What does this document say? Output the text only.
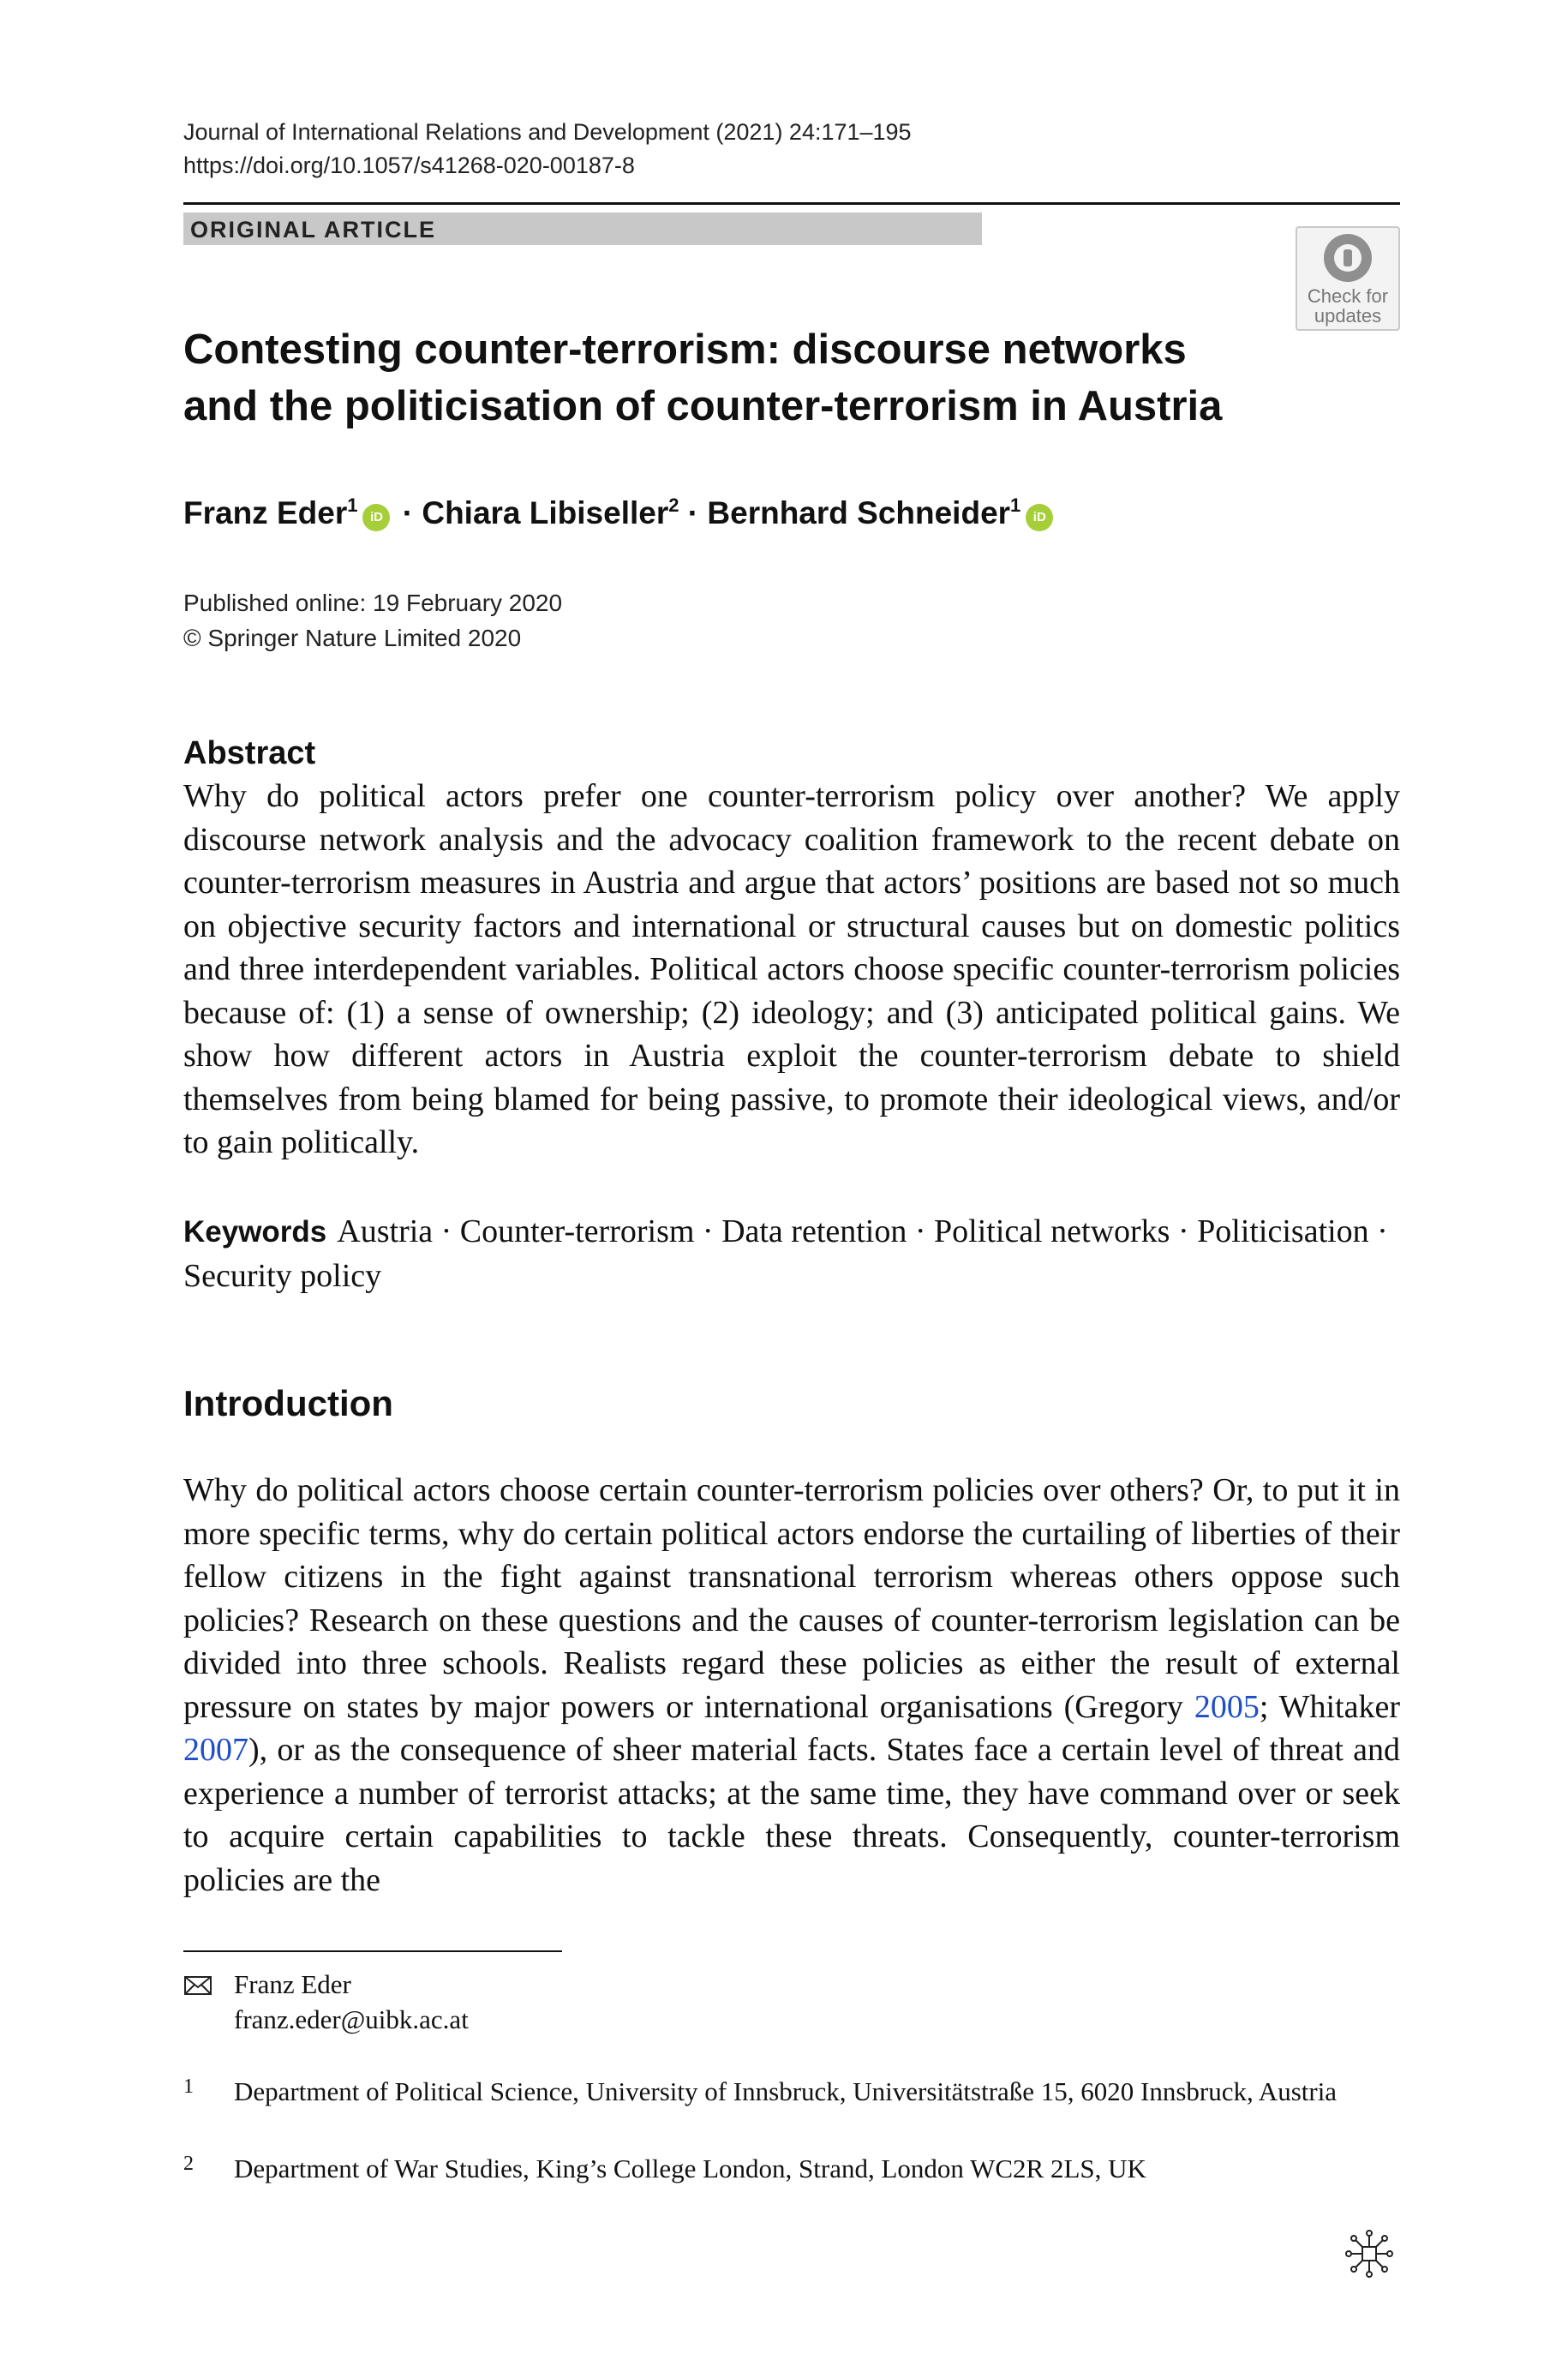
Journal of International Relations and Development (2021) 24:171–195
https://doi.org/10.1057/s41268-020-00187-8
ORIGINAL ARTICLE
Check for
updates
Contesting counter-terrorism: discourse networks
and the politicisation of counter-terrorism in Austria
Franz Eder$^1$iD · Chiara Libiseller$^2$ · Bernhard Schneider$^1$iD
Published online: 19 February 2020
© Springer Nature Limited 2020
Abstract
Why do political actors prefer one counter-terrorism policy over another? We apply discourse network analysis and the advocacy coalition framework to the recent debate on counter-terrorism measures in Austria and argue that actors’ positions are based not so much on objective security factors and international or structural causes but on domestic politics and three interdependent variables. Political actors choose specific counter-terrorism policies because of: (1) a sense of ownership; (2) ideology; and (3) anticipated political gains. We show how different actors in Austria exploit the counter-terrorism debate to shield themselves from being blamed for being passive, to promote their ideological views, and/or to gain politically.
Keywords Austria · Counter-terrorism · Data retention · Political networks · Politicisation · Security policy
Introduction
Why do political actors choose certain counter-terrorism policies over others? Or, to put it in more specific terms, why do certain political actors endorse the curtailing of liberties of their fellow citizens in the fight against transnational terrorism whereas others oppose such policies? Research on these questions and the causes of counter-terrorism legislation can be divided into three schools. Realists regard these policies as either the result of external pressure on states by major powers or international organisations (Gregory 2005; Whitaker 2007), or as the consequence of sheer material facts. States face a certain level of threat and experience a number of terrorist attacks; at the same time, they have command over or seek to acquire certain capabilities to tackle these threats. Consequently, counter-terrorism policies are the
Franz Eder
franz.eder@uibk.ac.at
1 Department of Political Science, University of Innsbruck, Universitätstraße 15, 6020 Innsbruck, Austria
2 Department of War Studies, King’s College London, Strand, London WC2R 2LS, UK
